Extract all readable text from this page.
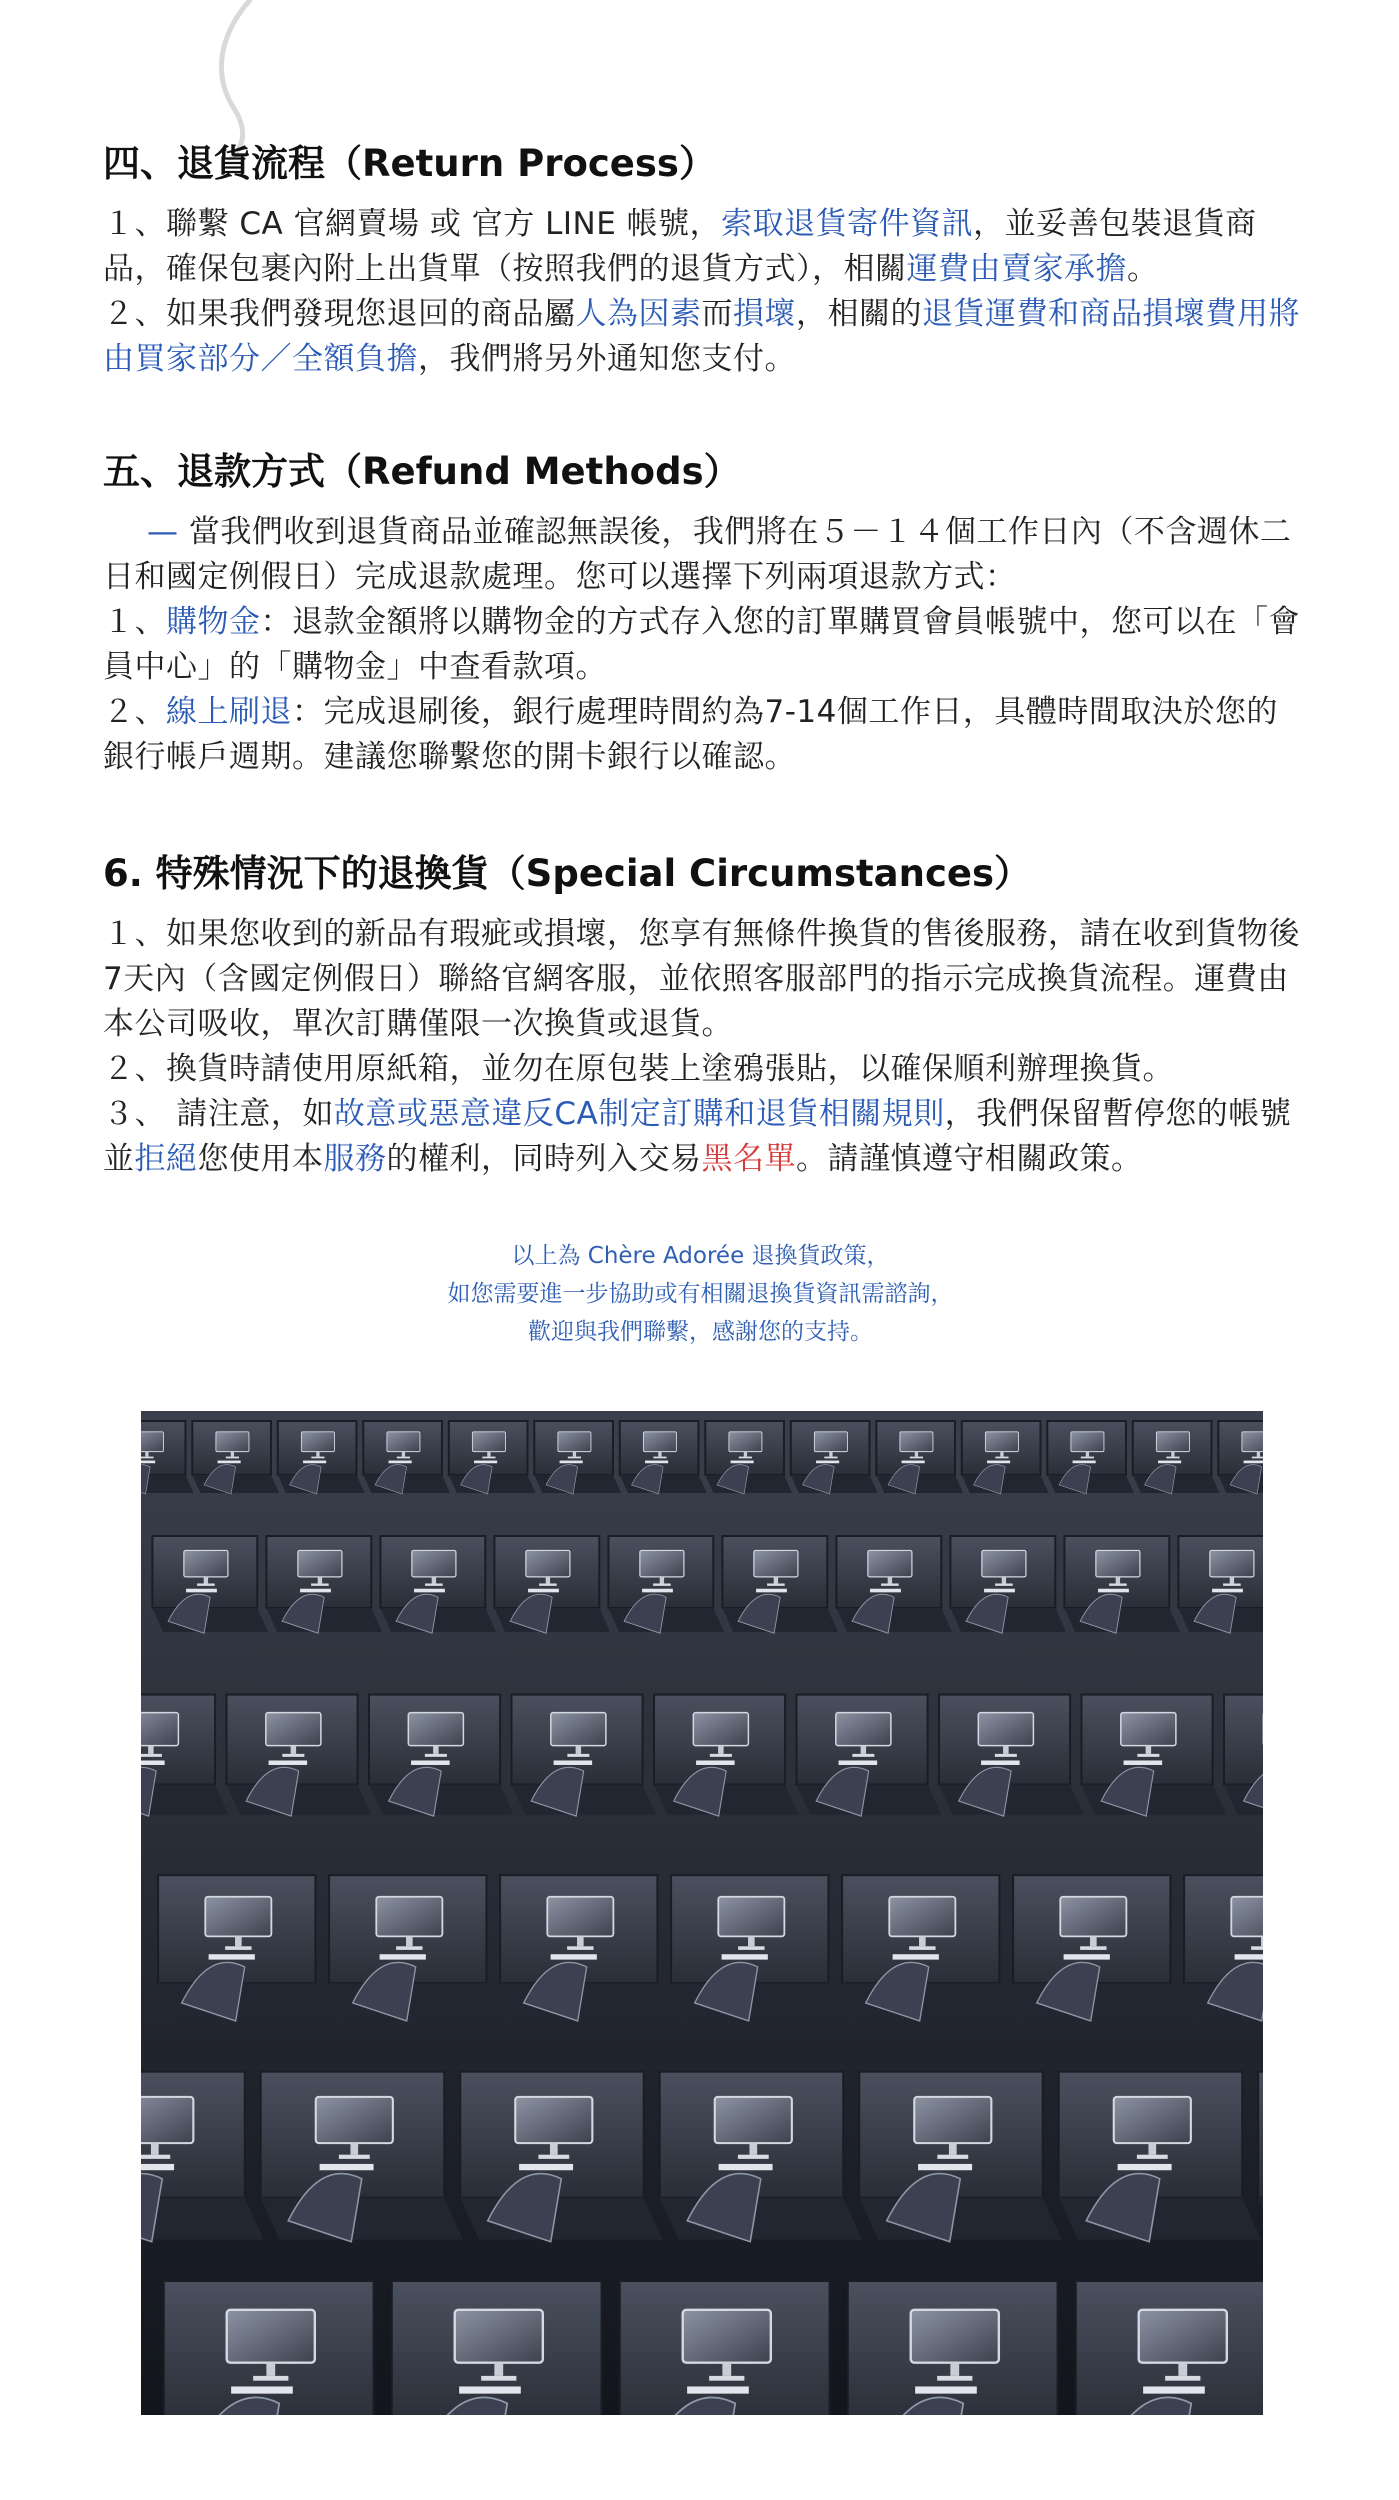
四、退貨流程（Return Process）

１、聯繫 CA 官網賣場 或 官方 LINE 帳號，索取退貨寄件資訊，並妥善包裝退貨商品，確保包裹內附上出貨單（按照我們的退貨方式），相關運費由賣家承擔。

２、如果我們發現您退回的商品屬人為因素而損壞，相關的退貨運費和商品損壞費用將由買家部分／全額負擔，我們將另外通知您支付。

五、退款方式（Refund Methods）

— 當我們收到退貨商品並確認無誤後，我們將在５－１４個工作日內（不含週休二日和國定例假日）完成退款處理。您可以選擇下列兩項退款方式：

１、購物金：退款金額將以購物金的方式存入您的訂單購買會員帳號中，您可以在「會員中心」的「購物金」中查看款項。

２、線上刷退：完成退刷後，銀行處理時間約為7-14個工作日，具體時間取決於您的銀行帳戶週期。建議您聯繫您的開卡銀行以確認。

6. 特殊情況下的退換貨（Special Circumstances）

１、如果您收到的新品有瑕疵或損壞，您享有無條件換貨的售後服務，請在收到貨物後7天內（含國定例假日）聯絡官網客服，並依照客服部門的指示完成換貨流程。運費由本公司吸收，單次訂購僅限一次換貨或退貨。

２、換貨時請使用原紙箱，並勿在原包裝上塗鴉張貼，以確保順利辦理換貨。

３、 請注意，如故意或惡意違反CA制定訂購和退貨相關規則，我們保留暫停您的帳號並拒絕您使用本服務的權利，同時列入交易黑名單。請謹慎遵守相關政策。

以上為 Chère Adorée 退換貨政策，
如您需要進一步協助或有相關退換貨資訊需諮詢，
歡迎與我們聯繫，感謝您的支持。
